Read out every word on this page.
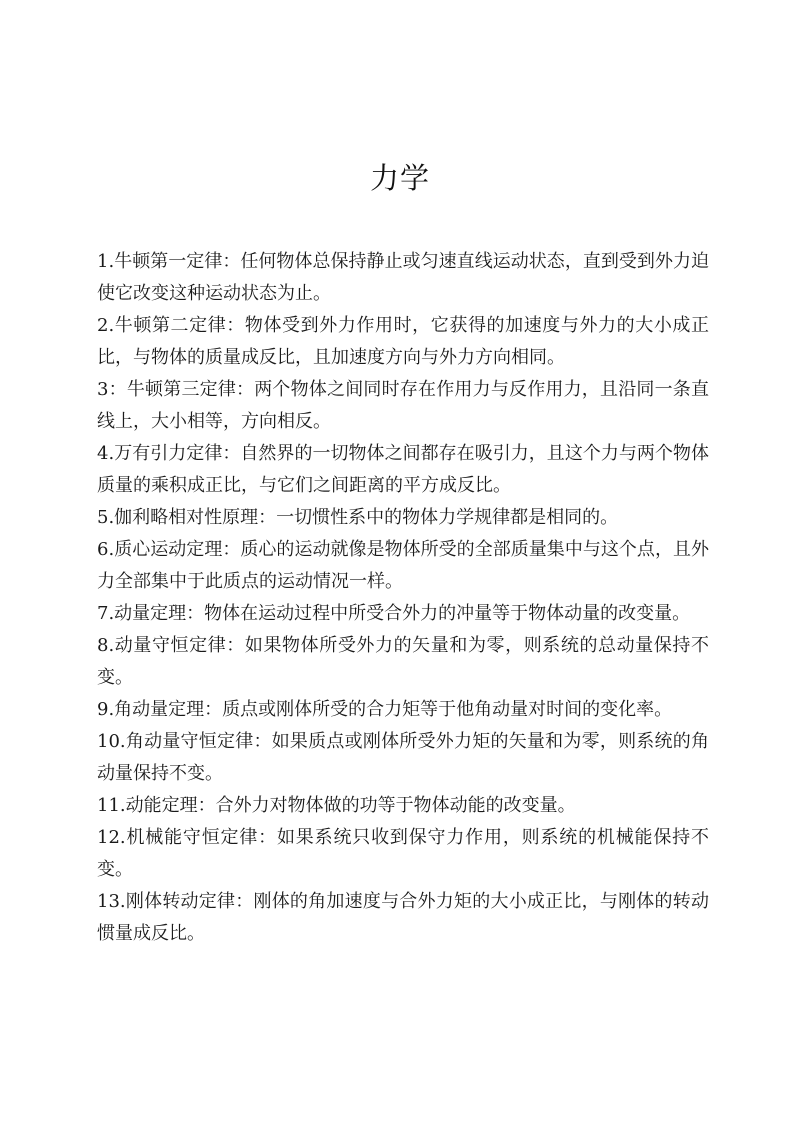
力学

1.牛顿第一定律：任何物体总保持静止或匀速直线运动状态，直到受到外力迫使它改变这种运动状态为止。

2.牛顿第二定律：物体受到外力作用时，它获得的加速度与外力的大小成正比，与物体的质量成反比，且加速度方向与外力方向相同。

3：牛顿第三定律：两个物体之间同时存在作用力与反作用力，且沿同一条直线上，大小相等，方向相反。

4.万有引力定律：自然界的一切物体之间都存在吸引力，且这个力与两个物体质量的乘积成正比，与它们之间距离的平方成反比。

5.伽利略相对性原理：一切惯性系中的物体力学规律都是相同的。

6.质心运动定理：质心的运动就像是物体所受的全部质量集中与这个点，且外力全部集中于此质点的运动情况一样。

7.动量定理：物体在运动过程中所受合外力的冲量等于物体动量的改变量。

8.动量守恒定律：如果物体所受外力的矢量和为零，则系统的总动量保持不变。

9.角动量定理：质点或刚体所受的合力矩等于他角动量对时间的变化率。

10.角动量守恒定律：如果质点或刚体所受外力矩的矢量和为零，则系统的角动量保持不变。

11.动能定理：合外力对物体做的功等于物体动能的改变量。

12.机械能守恒定律：如果系统只收到保守力作用，则系统的机械能保持不变。

13.刚体转动定律：刚体的角加速度与合外力矩的大小成正比，与刚体的转动惯量成反比。
